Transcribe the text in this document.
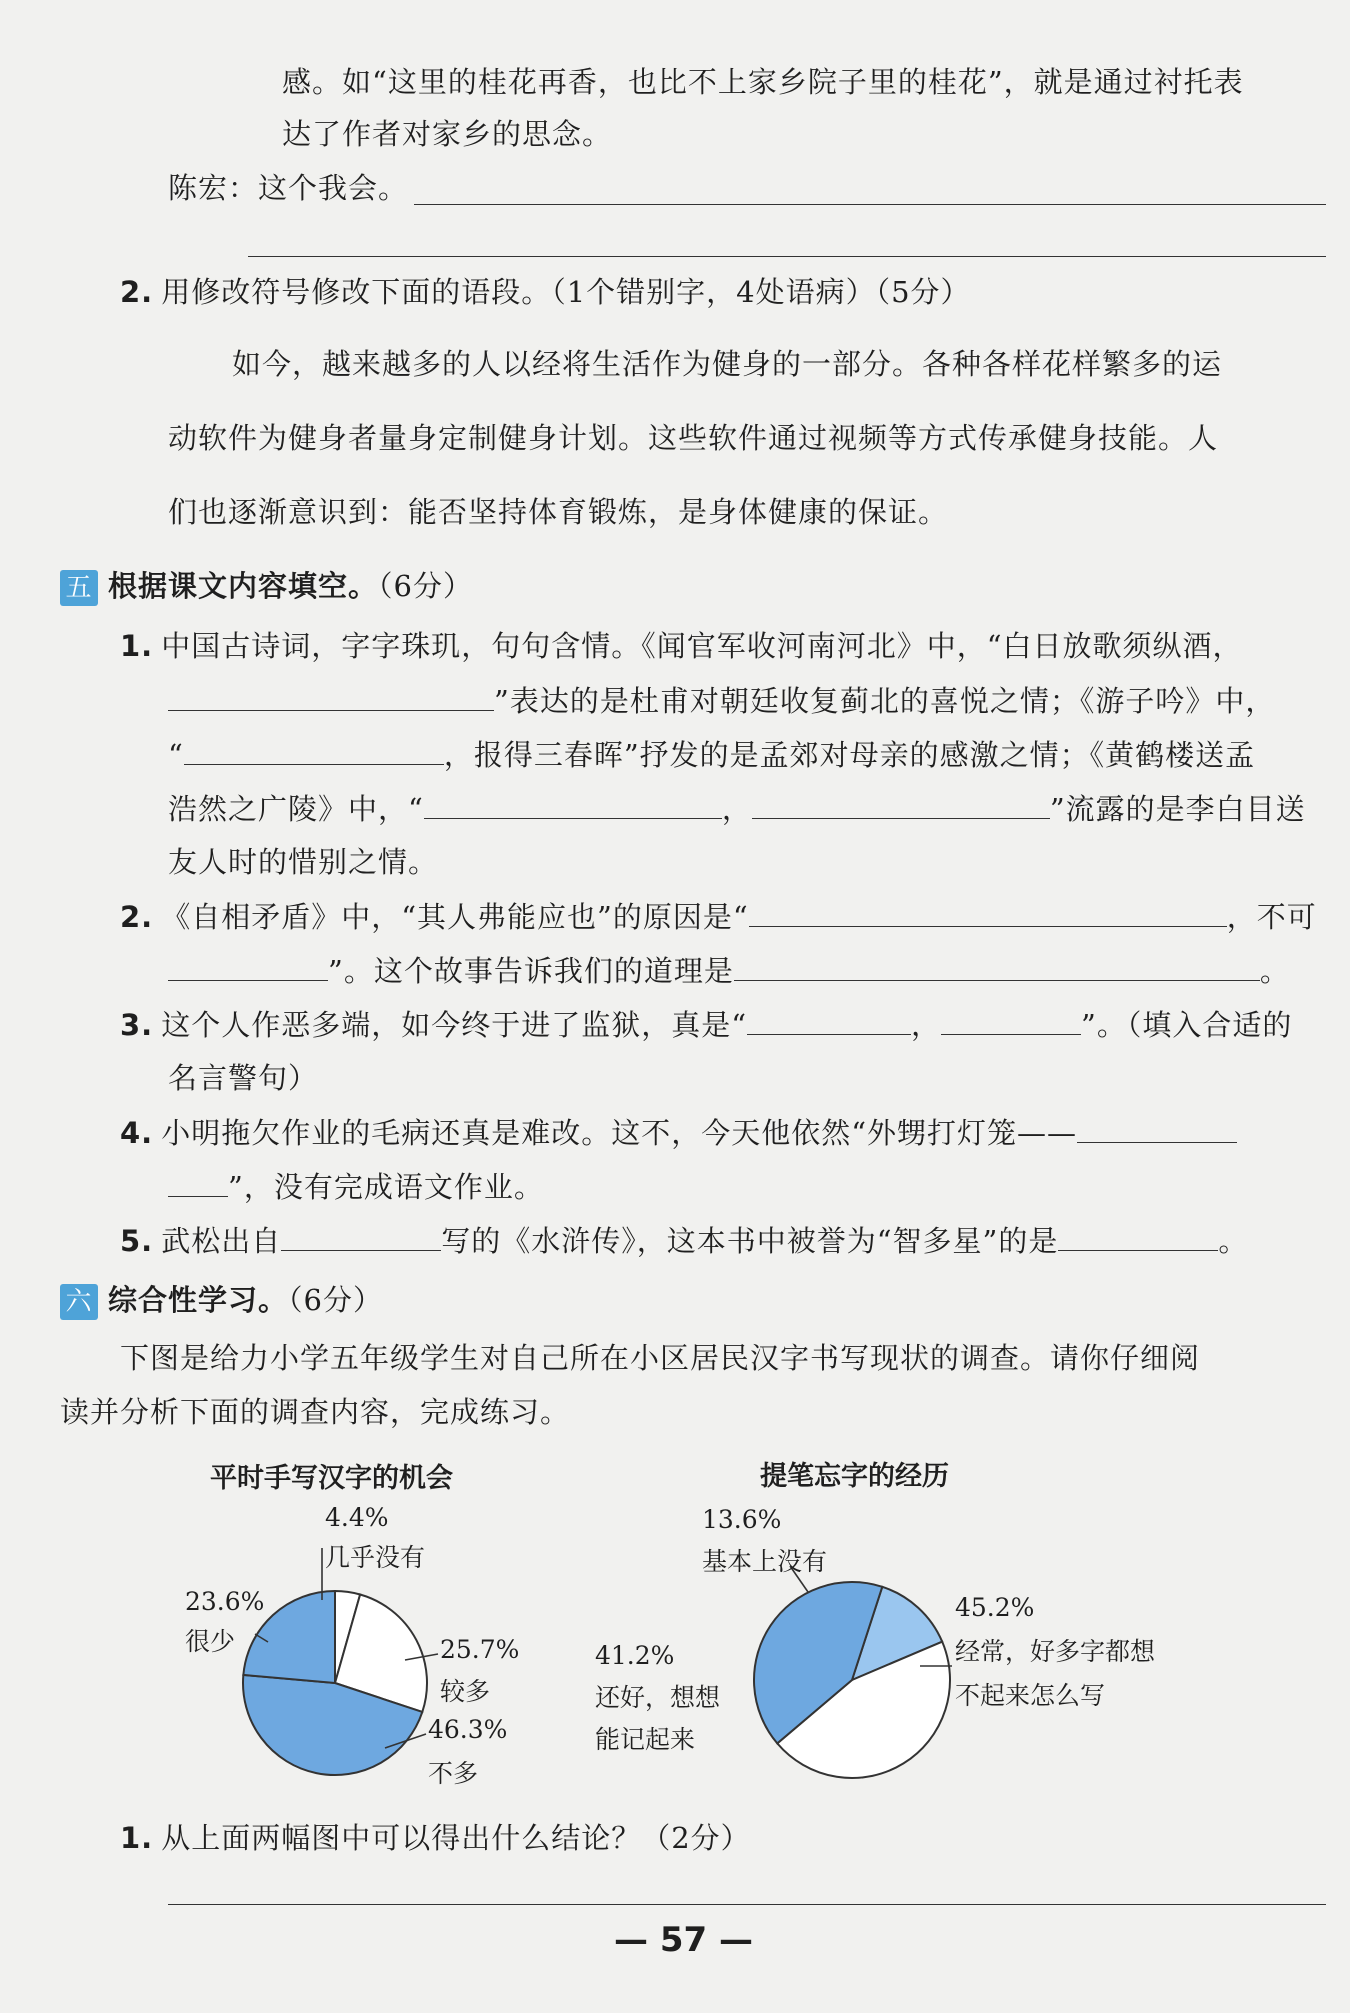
感。如“这里的桂花再香，也比不上家乡院子里的桂花”，就是通过衬托表
达了作者对家乡的思念。
陈宏：这个我会。
2. 用修改符号修改下面的语段。（1个错别字，4处语病）（5分）
如今，越来越多的人以经将生活作为健身的一部分。各种各样花样繁多的运
动软件为健身者量身定制健身计划。这些软件通过视频等方式传承健身技能。人
们也逐渐意识到：能否坚持体育锻炼，是身体健康的保证。
五 根据课文内容填空。（6分）
1. 中国古诗词，字字珠玑，句句含情。《闻官军收河南河北》中，“白日放歌须纵酒，
”表达的是杜甫对朝廷收复蓟北的喜悦之情；《游子吟》中，
“	，报得三春晖”抒发的是孟郊对母亲的感激之情；《黄鹤楼送孟
浩然之广陵》中，“	，	”流露的是李白目送
友人时的惜别之情。
2. 《自相矛盾》中，“其人弗能应也”的原因是“	，不可
”。这个故事告诉我们的道理是	。
3. 这个人作恶多端，如今终于进了监狱，真是“	，	”。（填入合适的
名言警句）
4. 小明拖欠作业的毛病还真是难改。这不，今天他依然“外甥打灯笼——
”，没有完成语文作业。
5. 武松出自	写的《水浒传》，这本书中被誉为“智多星”的是	。
六 综合性学习。（6分）
下图是给力小学五年级学生对自己所在小区居民汉字书写现状的调查。请你仔细阅
读并分析下面的调查内容，完成练习。
平时手写汉字的机会	提笔忘字的经历
4.4%
几乎没有
25.7%
较多
46.3%
不多
23.6%
很少
13.6%
基本上没有
45.2%
经常，好多字都想
不起来怎么写
41.2%
还好，想想
能记起来
1. 从上面两幅图中可以得出什么结论？（2分）
— 57 —
